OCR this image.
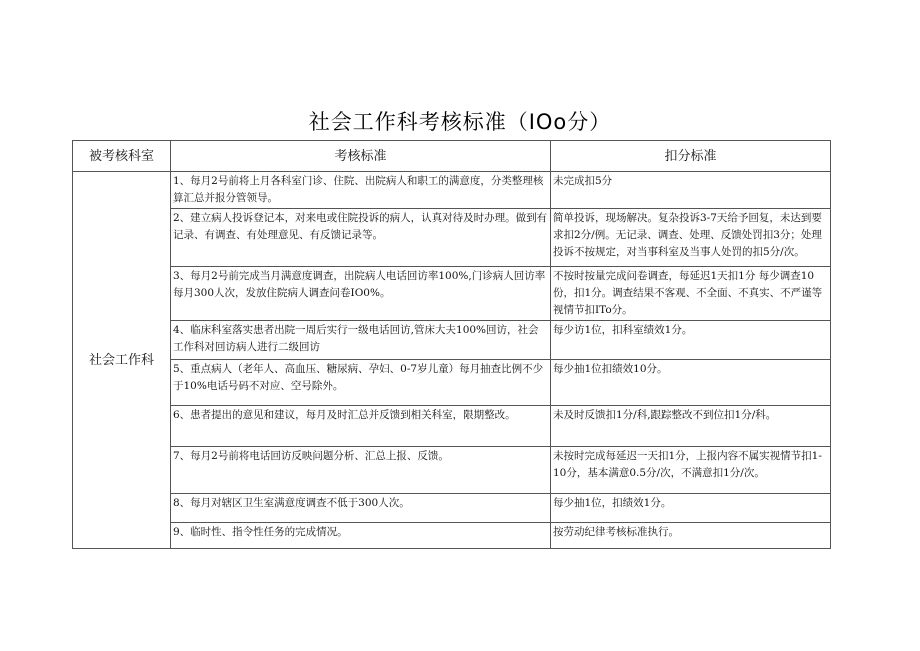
社会工作科考核标准（IOo分）
被考核科室	考核标准	扣分标准
社会工作科	1、每月2号前将上月各科室门诊、住院、出院病人和职工的满意度，分类整理核算汇总并报分管领导。	未完成扣5分
	2、建立病人投诉登记本，对来电或住院投诉的病人，认真对待及时办理。做到有记录、有调查、有处理意见、有反馈记录等。	简单投诉，现场解决。复杂投诉3-7天给予回复，未达到要求扣2分/例。无记录、调查、处理、反馈处罚扣3分；处理投诉不按规定，对当事科室及当事人处罚的扣5分/次。
	3、每月2号前完成当月满意度调查，出院病人电话回访率100%,门诊病人回访率每月300人次，发放住院病人调查问卷IO0%。	不按时按量完成问卷调查，每延迟1天扣1分 每少调查10份，扣1分。调查结果不客观、不全面、不真实、不严谨等视情节扣ITo分。
	4、临床科室落实患者出院一周后实行一级电话回访,管床大夫100%回访，社会工作科对回访病人进行二级回访	每少访1位，扣科室绩效1分。
	5、重点病人（老年人、高血压、糖尿病、孕妇、0-7岁儿童）每月抽查比例不少于10%电话号码不对应、空号除外。	每少抽1位扣绩效10分。
	6、患者提出的意见和建议，每月及时汇总并反馈到相关科室，限期整改。	未及时反馈扣1分/科,跟踪整改不到位扣1分/科。
	7、每月2号前将电话回访反映问题分析、汇总上报、反馈。	未按时完成每延迟一天扣1分，上报内容不属实视情节扣1-10分，基本满意0.5分/次，不满意扣1分/次。
	8、每月对辖区卫生室满意度调查不低于300人次。	每少抽1位，扣绩效1分。
	9、临时性、指令性任务的完成情况。	按劳动纪律考核标准执行。
